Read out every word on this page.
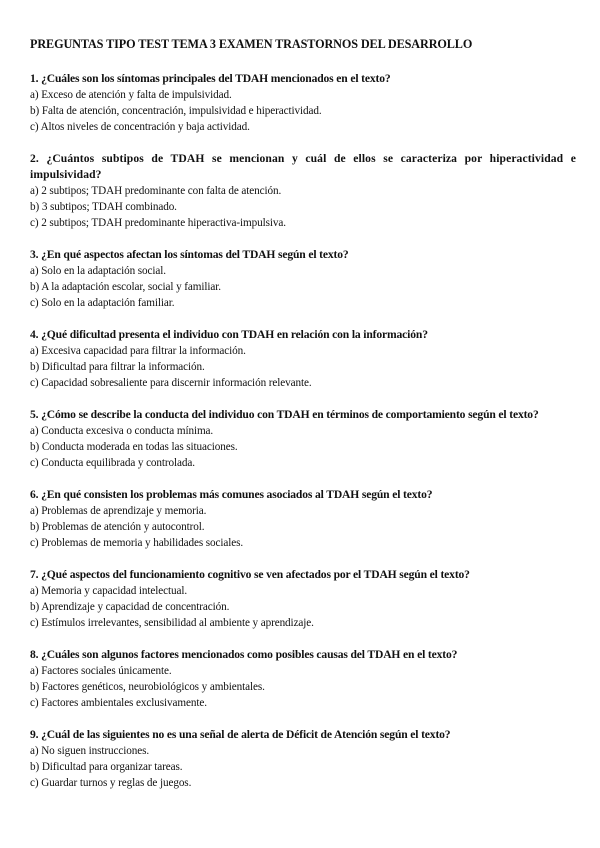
PREGUNTAS TIPO TEST TEMA 3 EXAMEN TRASTORNOS DEL DESARROLLO

1. ¿Cuáles son los síntomas principales del TDAH mencionados en el texto?

a) Exceso de atención y falta de impulsividad.
b) Falta de atención, concentración, impulsividad e hiperactividad.
c) Altos niveles de concentración y baja actividad.

2. ¿Cuántos subtipos de TDAH se mencionan y cuál de ellos se caracteriza por hiperactividad e impulsividad?

a) 2 subtipos; TDAH predominante con falta de atención.
b) 3 subtipos; TDAH combinado.
c) 2 subtipos; TDAH predominante hiperactiva-impulsiva.

3. ¿En qué aspectos afectan los síntomas del TDAH según el texto?

a) Solo en la adaptación social.
b) A la adaptación escolar, social y familiar.
c) Solo en la adaptación familiar.

4. ¿Qué dificultad presenta el individuo con TDAH en relación con la información?

a) Excesiva capacidad para filtrar la información.
b) Dificultad para filtrar la información.
c) Capacidad sobresaliente para discernir información relevante.

5. ¿Cómo se describe la conducta del individuo con TDAH en términos de comportamiento según el texto?

a) Conducta excesiva o conducta mínima.
b) Conducta moderada en todas las situaciones.
c) Conducta equilibrada y controlada.

6. ¿En qué consisten los problemas más comunes asociados al TDAH según el texto?

a) Problemas de aprendizaje y memoria.
b) Problemas de atención y autocontrol.
c) Problemas de memoria y habilidades sociales.

7. ¿Qué aspectos del funcionamiento cognitivo se ven afectados por el TDAH según el texto?

a) Memoria y capacidad intelectual.
b) Aprendizaje y capacidad de concentración.
c) Estímulos irrelevantes, sensibilidad al ambiente y aprendizaje.

8. ¿Cuáles son algunos factores mencionados como posibles causas del TDAH en el texto?

a) Factores sociales únicamente.
b) Factores genéticos, neurobiológicos y ambientales.
c) Factores ambientales exclusivamente.

9. ¿Cuál de las siguientes no es una señal de alerta de Déficit de Atención según el texto?

a) No siguen instrucciones.
b) Dificultad para organizar tareas.
c) Guardar turnos y reglas de juegos.
